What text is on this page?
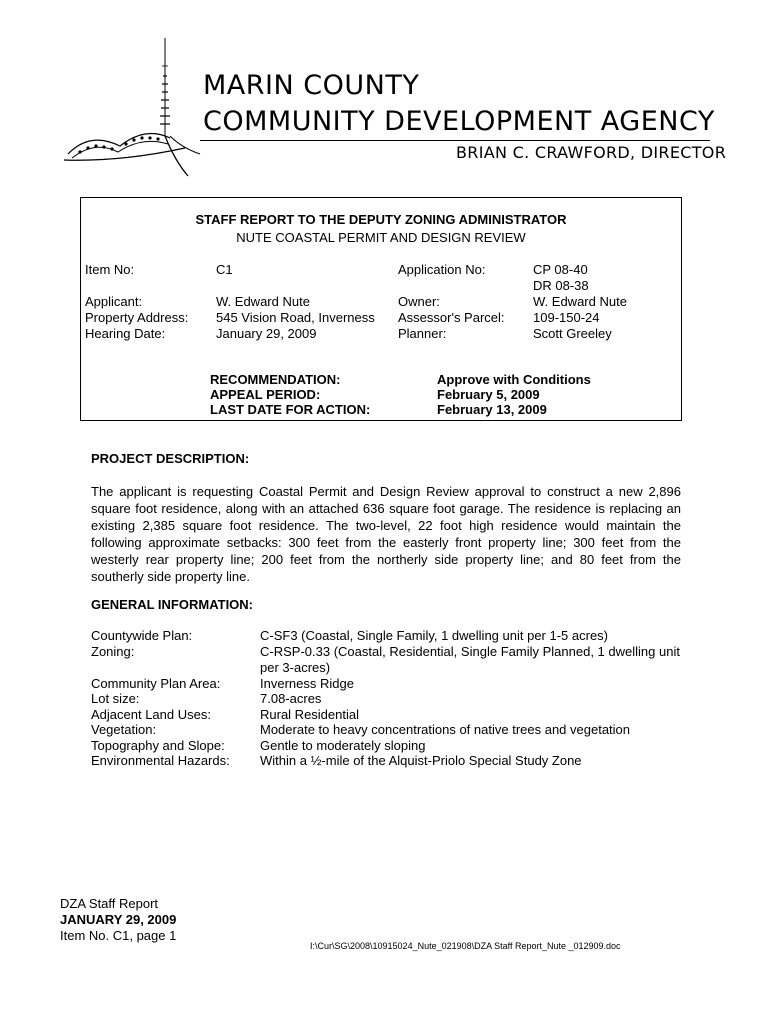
MARIN COUNTY
COMMUNITY DEVELOPMENT AGENCY
BRIAN C. CRAWFORD, DIRECTOR
STAFF REPORT TO THE DEPUTY ZONING ADMINISTRATOR
NUTE COASTAL PERMIT AND DESIGN REVIEW
Item No:	C1	Application No:	CP 08-40
DR 08-38
Applicant:	W. Edward Nute	Owner:	W. Edward Nute
Property Address: 545 Vision Road, Inverness Assessor's Parcel: 109-150-24
Hearing Date:	January 29, 2009	Planner:	Scott Greeley
RECOMMENDATION:	Approve with Conditions
APPEAL PERIOD:	February 5, 2009
LAST DATE FOR ACTION:	February 13, 2009
PROJECT DESCRIPTION:
The applicant is requesting Coastal Permit and Design Review approval to construct a new 2,896 square foot residence, along with an attached 636 square foot garage. The residence is replacing an existing 2,385 square foot residence. The two-level, 22 foot high residence would maintain the following approximate setbacks: 300 feet from the easterly front property line; 300 feet from the westerly rear property line; 200 feet from the northerly side property line; and 80 feet from the southerly side property line.
GENERAL INFORMATION:
Countywide Plan:	C-SF3 (Coastal, Single Family, 1 dwelling unit per 1-5 acres)
Zoning:	C-RSP-0.33 (Coastal, Residential, Single Family Planned, 1 dwelling unit per 3-acres)
Community Plan Area:	Inverness Ridge
Lot size:	7.08-acres
Adjacent Land Uses:	Rural Residential
Vegetation:	Moderate to heavy concentrations of native trees and vegetation
Topography and Slope:	Gentle to moderately sloping
Environmental Hazards: Within a ½-mile of the Alquist-Priolo Special Study Zone
DZA Staff Report
JANUARY 29, 2009
Item No. C1, page 1
I:\Cur\SG\2008\10915024_Nute_021908\DZA Staff Report_Nute _012909.doc
